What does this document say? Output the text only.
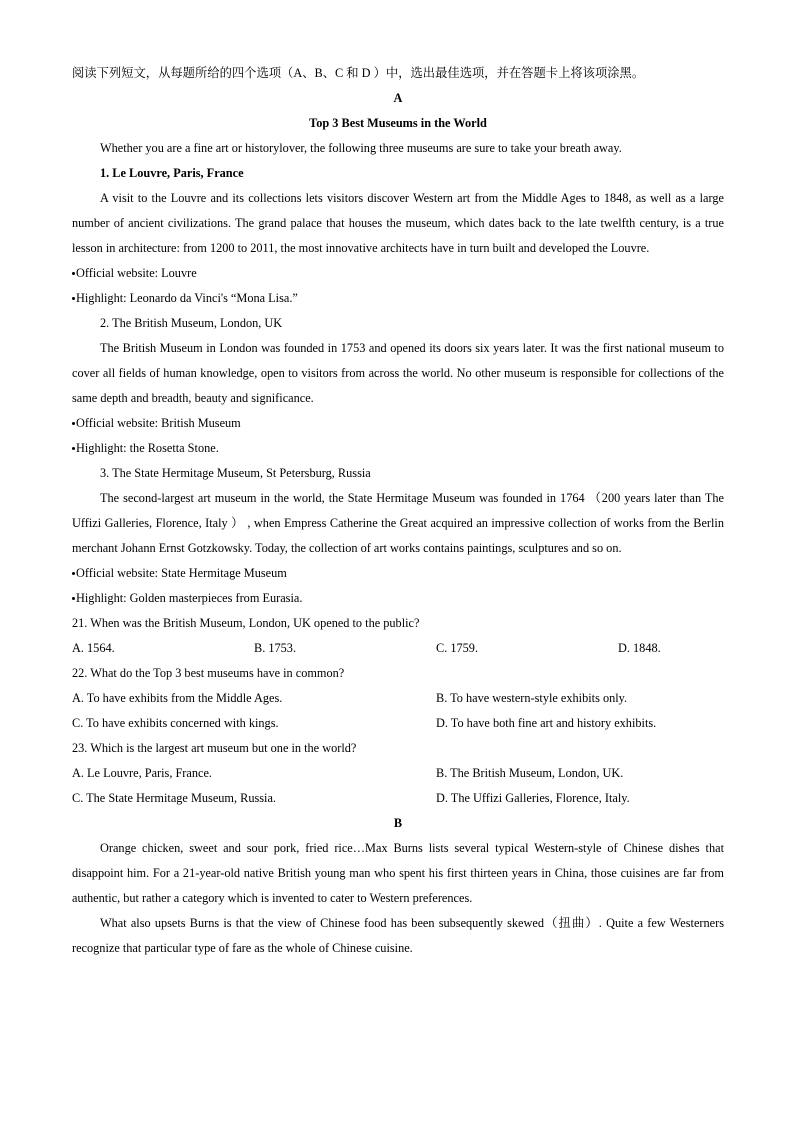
阅读下列短文，从每题所给的四个选项（A、B、C 和 D ）中，选出最佳选项，并在答题卡上将该项涂黑。
A
Top 3 Best Museums in the World
Whether you are a fine art or historylover, the following three museums are sure to take your breath away.
1. Le Louvre, Paris, France
A visit to the Louvre and its collections lets visitors discover Western art from the Middle Ages to 1848, as well as a large number of ancient civilizations. The grand palace that houses the museum, which dates back to the late twelfth century, is a true lesson in architecture: from 1200 to 2011, the most innovative architects have in turn built and developed the Louvre.
Official website: Louvre
Highlight: Leonardo da Vinci's “Mona Lisa.”
2. The British Museum, London, UK
The British Museum in London was founded in 1753 and opened its doors six years later. It was the first national museum to cover all fields of human knowledge, open to visitors from across the world. No other museum is responsible for collections of the same depth and breadth, beauty and significance.
Official website: British Museum
Highlight: the Rosetta Stone.
3. The State Hermitage Museum, St Petersburg, Russia
The second-largest art museum in the world, the State Hermitage Museum was founded in 1764 （200 years later than The Uffizi Galleries, Florence, Italy ） , when Empress Catherine the Great acquired an impressive collection of works from the Berlin merchant Johann Ernst Gotzkowsky. Today, the collection of art works contains paintings, sculptures and so on.
Official website: State Hermitage Museum
Highlight: Golden masterpieces from Eurasia.
21. When was the British Museum, London, UK opened to the public?
A. 1564.	B. 1753.	C. 1759.	D. 1848.
22. What do the Top 3 best museums have in common?
A. To have exhibits from the Middle Ages.	B. To have western-style exhibits only.
C. To have exhibits concerned with kings.	D. To have both fine art and history exhibits.
23. Which is the largest art museum but one in the world?
A. Le Louvre, Paris, France.	B. The British Museum, London, UK.
C. The State Hermitage Museum, Russia.	D. The Uffizi Galleries, Florence, Italy.
B
Orange chicken, sweet and sour pork, fried rice…Max Burns lists several typical Western-style of Chinese dishes that disappoint him. For a 21-year-old native British young man who spent his first thirteen years in China, those cuisines are far from authentic, but rather a category which is invented to cater to Western preferences.
What also upsets Burns is that the view of Chinese food has been subsequently skewed（扭曲）. Quite a few Westerners recognize that particular type of fare as the whole of Chinese cuisine.
